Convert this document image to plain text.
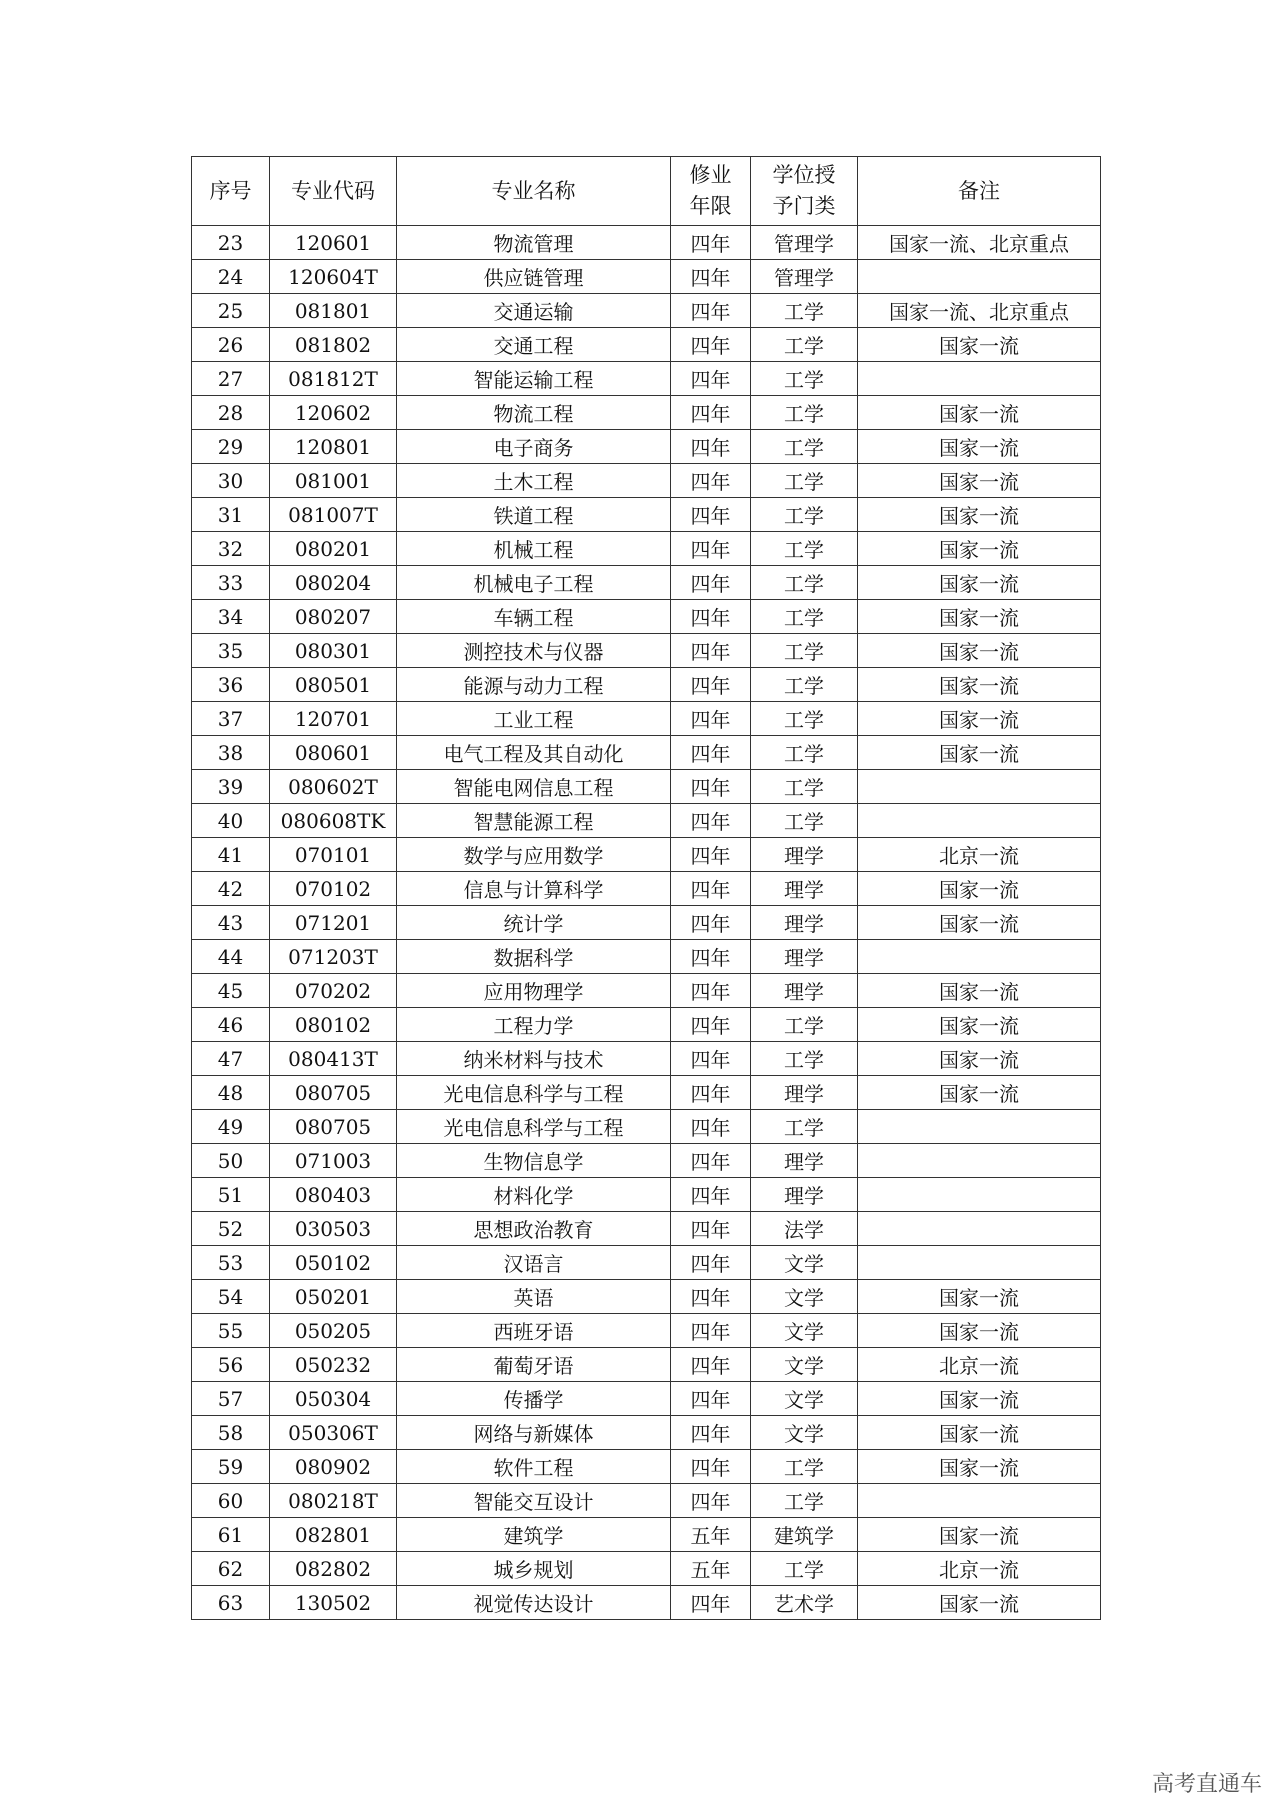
序号	专业代码	专业名称	修业年限	学位授予门类	备注
23	120601	物流管理	四年	管理学	国家一流、北京重点
24	120604T	供应链管理	四年	管理学	
25	081801	交通运输	四年	工学	国家一流、北京重点
26	081802	交通工程	四年	工学	国家一流
27	081812T	智能运输工程	四年	工学	
28	120602	物流工程	四年	工学	国家一流
29	120801	电子商务	四年	工学	国家一流
30	081001	土木工程	四年	工学	国家一流
31	081007T	铁道工程	四年	工学	国家一流
32	080201	机械工程	四年	工学	国家一流
33	080204	机械电子工程	四年	工学	国家一流
34	080207	车辆工程	四年	工学	国家一流
35	080301	测控技术与仪器	四年	工学	国家一流
36	080501	能源与动力工程	四年	工学	国家一流
37	120701	工业工程	四年	工学	国家一流
38	080601	电气工程及其自动化	四年	工学	国家一流
39	080602T	智能电网信息工程	四年	工学	
40	080608TK	智慧能源工程	四年	工学	
41	070101	数学与应用数学	四年	理学	北京一流
42	070102	信息与计算科学	四年	理学	国家一流
43	071201	统计学	四年	理学	国家一流
44	071203T	数据科学	四年	理学	
45	070202	应用物理学	四年	理学	国家一流
46	080102	工程力学	四年	工学	国家一流
47	080413T	纳米材料与技术	四年	工学	国家一流
48	080705	光电信息科学与工程	四年	理学	国家一流
49	080705	光电信息科学与工程	四年	工学	
50	071003	生物信息学	四年	理学	
51	080403	材料化学	四年	理学	
52	030503	思想政治教育	四年	法学	
53	050102	汉语言	四年	文学	
54	050201	英语	四年	文学	国家一流
55	050205	西班牙语	四年	文学	国家一流
56	050232	葡萄牙语	四年	文学	北京一流
57	050304	传播学	四年	文学	国家一流
58	050306T	网络与新媒体	四年	文学	国家一流
59	080902	软件工程	四年	工学	国家一流
60	080218T	智能交互设计	四年	工学	
61	082801	建筑学	五年	建筑学	国家一流
62	082802	城乡规划	五年	工学	北京一流
63	130502	视觉传达设计	四年	艺术学	国家一流
高考直通车
